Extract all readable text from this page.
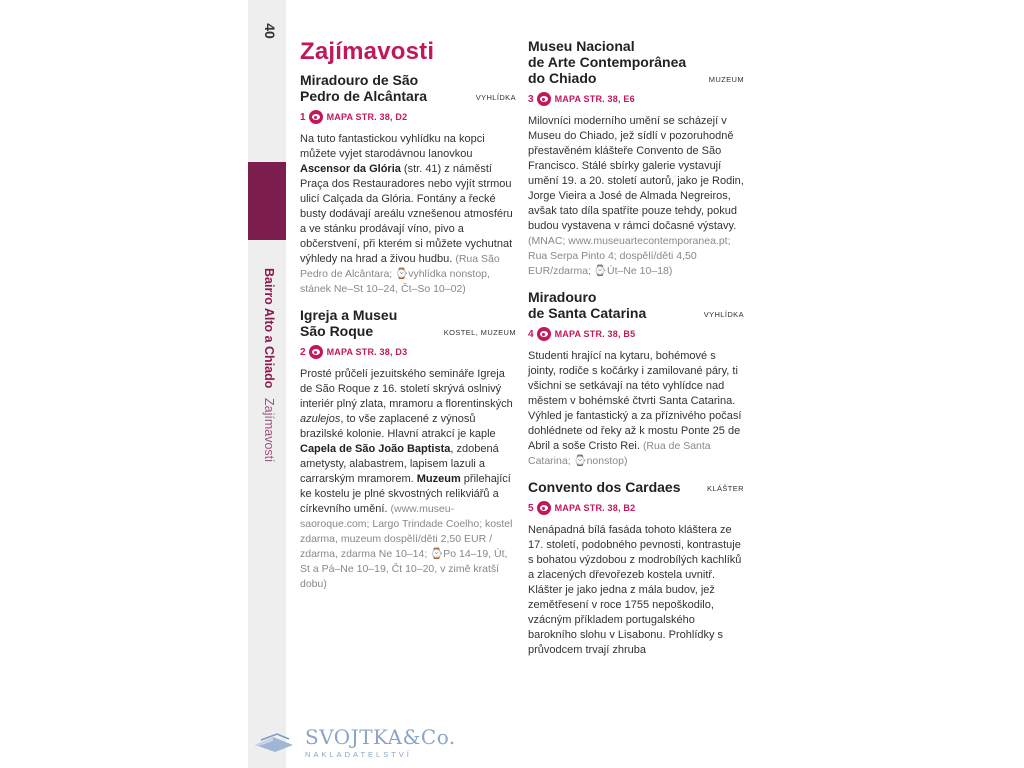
40
Bairro Alto a Chiado Zajímavosti
Zajímavosti
Miradouro de São
Pedro de Alcântara	VYHLÍDKA
1 MAPA STR. 38, D2
Na tuto fantastickou vyhlídku na kopci můžete vyjet starodávnou lanovkou Ascensor da Glória (str. 41) z náměstí Praça dos Restauradores nebo vyjít strmou ulicí Calçada da Glória. Fontány a řecké busty dodávají areálu vznešenou atmosféru a ve stánku prodávají víno, pivo a občerstvení, při kterém si můžete vychutnat výhledy na hrad a živou hudbu. (Rua São Pedro de Alcântara; ⌚vyhlídka nonstop, stánek Ne–St 10–24, Čt–So 10–02)
Igreja a Museu
São Roque	KOSTEL, MUZEUM
2 MAPA STR. 38, D3
Prosté průčelí jezuitského semináře Igreja de São Roque z 16. století skrývá oslnivý interiér plný zlata, mramoru a florentinských azulejos, to vše zaplacené z výnosů brazilské kolonie. Hlavní atrakcí je kaple Capela de São João Baptista, zdobená ametysty, alabastrem, lapisem lazuli a carrarským mramorem. Muzeum přilehající ke kostelu je plné skvostných relikviářů a církevního umění. (www.museu-saoroque.com; Largo Trindade Coelho; kostel zdarma, muzeum dospělí/děti 2,50 EUR / zdarma, zdarma Ne 10–14; ⌚Po 14–19, Út, St a Pá–Ne 10–19, Čt 10–20, v zimě kratší dobu)
Museu Nacional
de Arte Contemporânea
do Chiado	MUZEUM
3 MAPA STR. 38, E6
Milovníci moderního umění se scházejí v Museu do Chiado, jež sídlí v pozoruhodně přestavěném klášteře Convento de São Francisco. Stálé sbírky galerie vystavují umění 19. a 20. století autorů, jako je Rodin, Jorge Vieira a José de Almada Negreiros, avšak tato díla spatříte pouze tehdy, pokud budou vystavena v rámci dočasné výstavy. (MNAC; www.museuartecontemporanea.pt; Rua Serpa Pinto 4; dospělí/děti 4,50 EUR/zdarma; ⌚Út–Ne 10–18)
Miradouro
de Santa Catarina	VYHLÍDKA
4 MAPA STR. 38, B5
Studenti hrající na kytaru, bohémové s jointy, rodiče s kočárky i zamilované páry, ti všichni se setkávají na této vyhlídce nad městem v bohémské čtvrti Santa Catarina. Výhled je fantastický a za příznivého počasí dohlédnete od řeky až k mostu Ponte 25 de Abril a soše Cristo Rei. (Rua de Santa Catarina; ⌚nonstop)
Convento dos Cardaes	KLÁŠTER
5 MAPA STR. 38, B2
Nenápadná bílá fasáda tohoto kláštera ze 17. století, podobného pevnosti, kontrastuje s bohatou výzdobou z modrobílých kachlíků a zlacených dřevořezeb kostela uvnitř. Klášter je jako jedna z mála budov, jež zemětřesení v roce 1755 nepoškodilo, vzácným příkladem portugalského barokního slohu v Lisabonu. Prohlídky s průvodcem trvají zhruba
SVOJTKA&Co.
NAKLADATELSTVÍ
